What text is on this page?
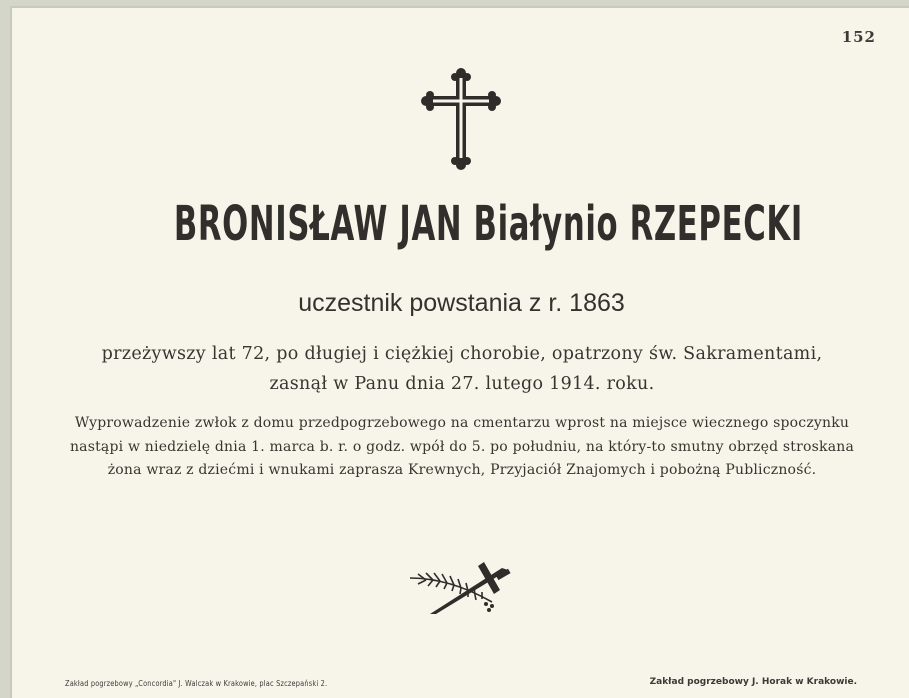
152
BRONISŁAW JAN Białynio RZEPECKI
uczestnik powstania z r. 1863
przeżywszy lat 72, po długiej i ciężkiej chorobie, opatrzony św. Sakramentami, zasnął w Panu dnia 27. lutego 1914. roku.
Wyprowadzenie zwłok z domu przedpogrzebowego na cmentarzu wprost na miejsce wiecznego spoczynku nastąpi w niedzielę dnia 1. marca b. r. o godz. wpół do 5. po południu, na który-to smutny obrzęd stroskana żona wraz z dziećmi i wnukami zaprasza Krewnych, Przyjaciół Znajomych i pobożną Publiczność.
Zakład pogrzebowy „Concordia" J. Walczak w Krakowie, plac Szczepański 2.	Zakład pogrzebowy J. Horak w Krakowie.
